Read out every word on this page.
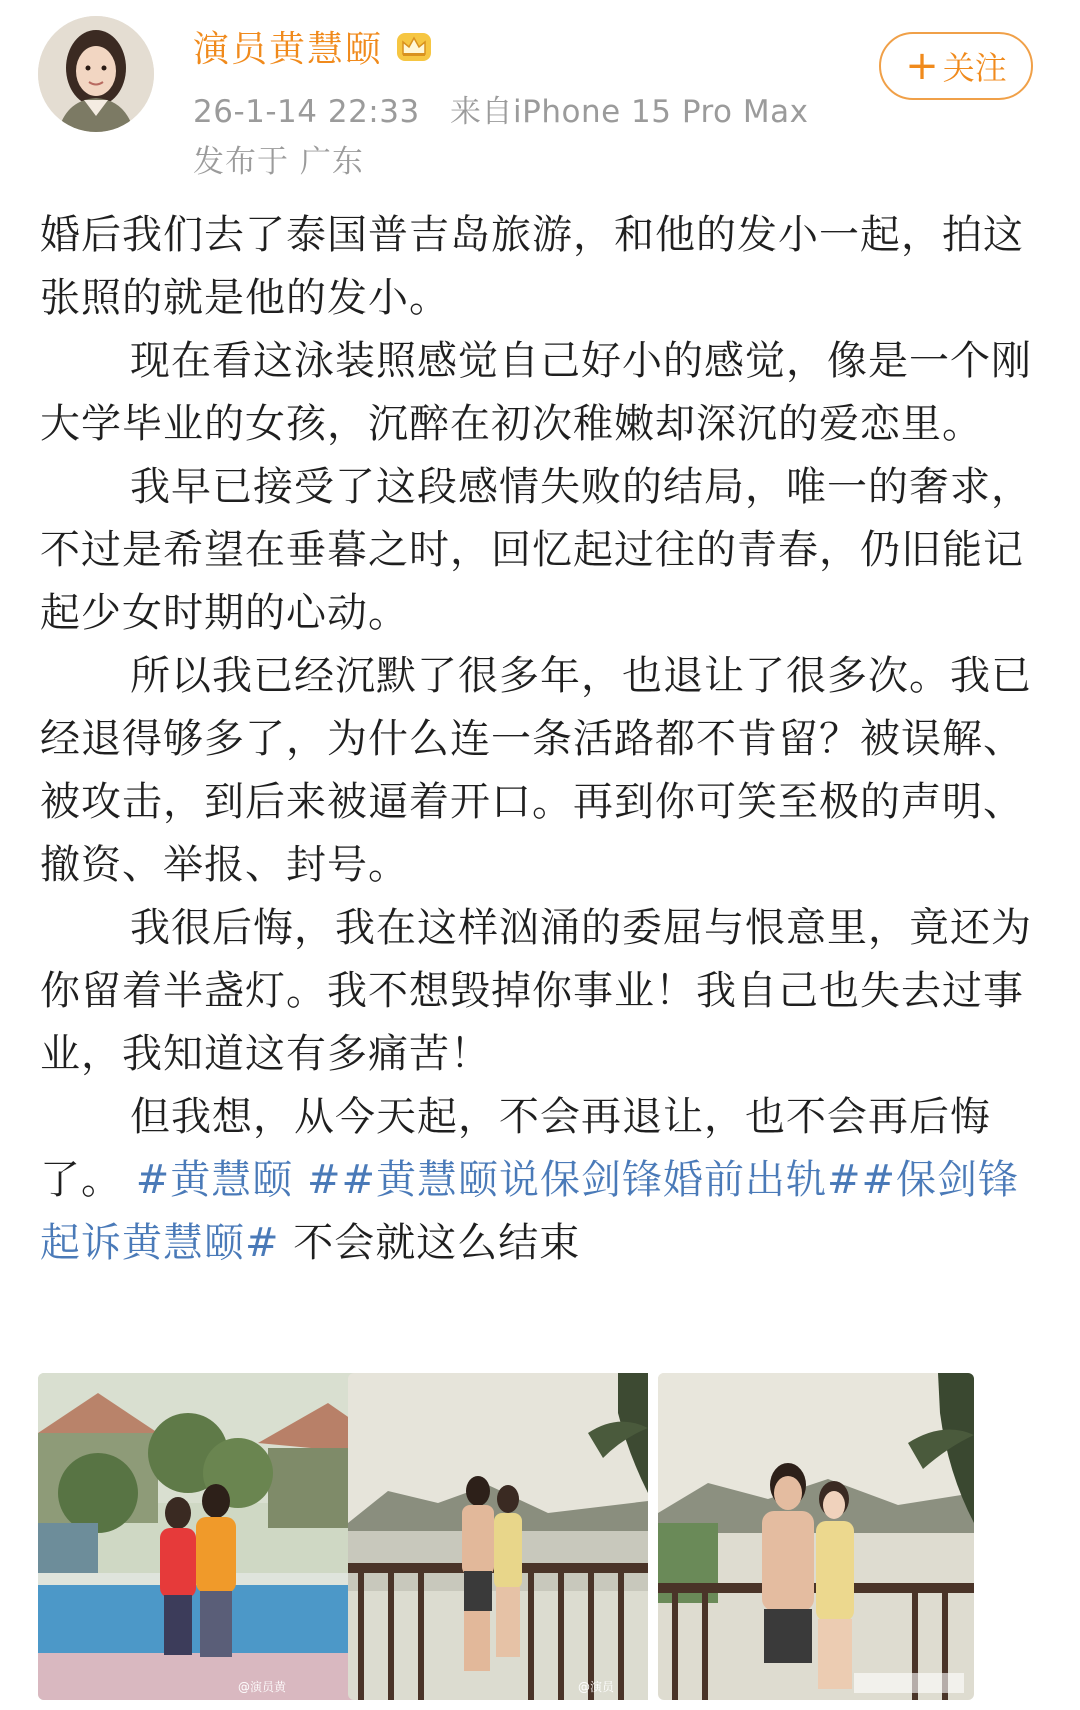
演员黄慧颐
26-1-14 22:33 来自iPhone 15 Pro Max
发布于 广东
+ 关注

婚后我们去了泰国普吉岛旅游，和他的发小一起，拍这张照的就是他的发小。

现在看这泳装照感觉自己好小的感觉，像是一个刚大学毕业的女孩，沉醉在初次稚嫩却深沉的爱恋里。

我早已接受了这段感情失败的结局，唯一的奢求，不过是希望在垂暮之时，回忆起过往的青春，仍旧能记起少女时期的心动。

所以我已经沉默了很多年，也退让了很多次。我已经退得够多了，为什么连一条活路都不肯留？被误解、被攻击，到后来被逼着开口。再到你可笑至极的声明、撤资、举报、封号。

我很后悔，我在这样汹涌的委屈与恨意里，竟还为你留着半盏灯。我不想毁掉你事业！我自己也失去过事业，我知道这有多痛苦！

但我想，从今天起，不会再退让，也不会再后悔了。 #黄慧颐 ##黄慧颐说保剑锋婚前出轨##保剑锋起诉黄慧颐# 不会就这么结束

@演员黄	@演员
